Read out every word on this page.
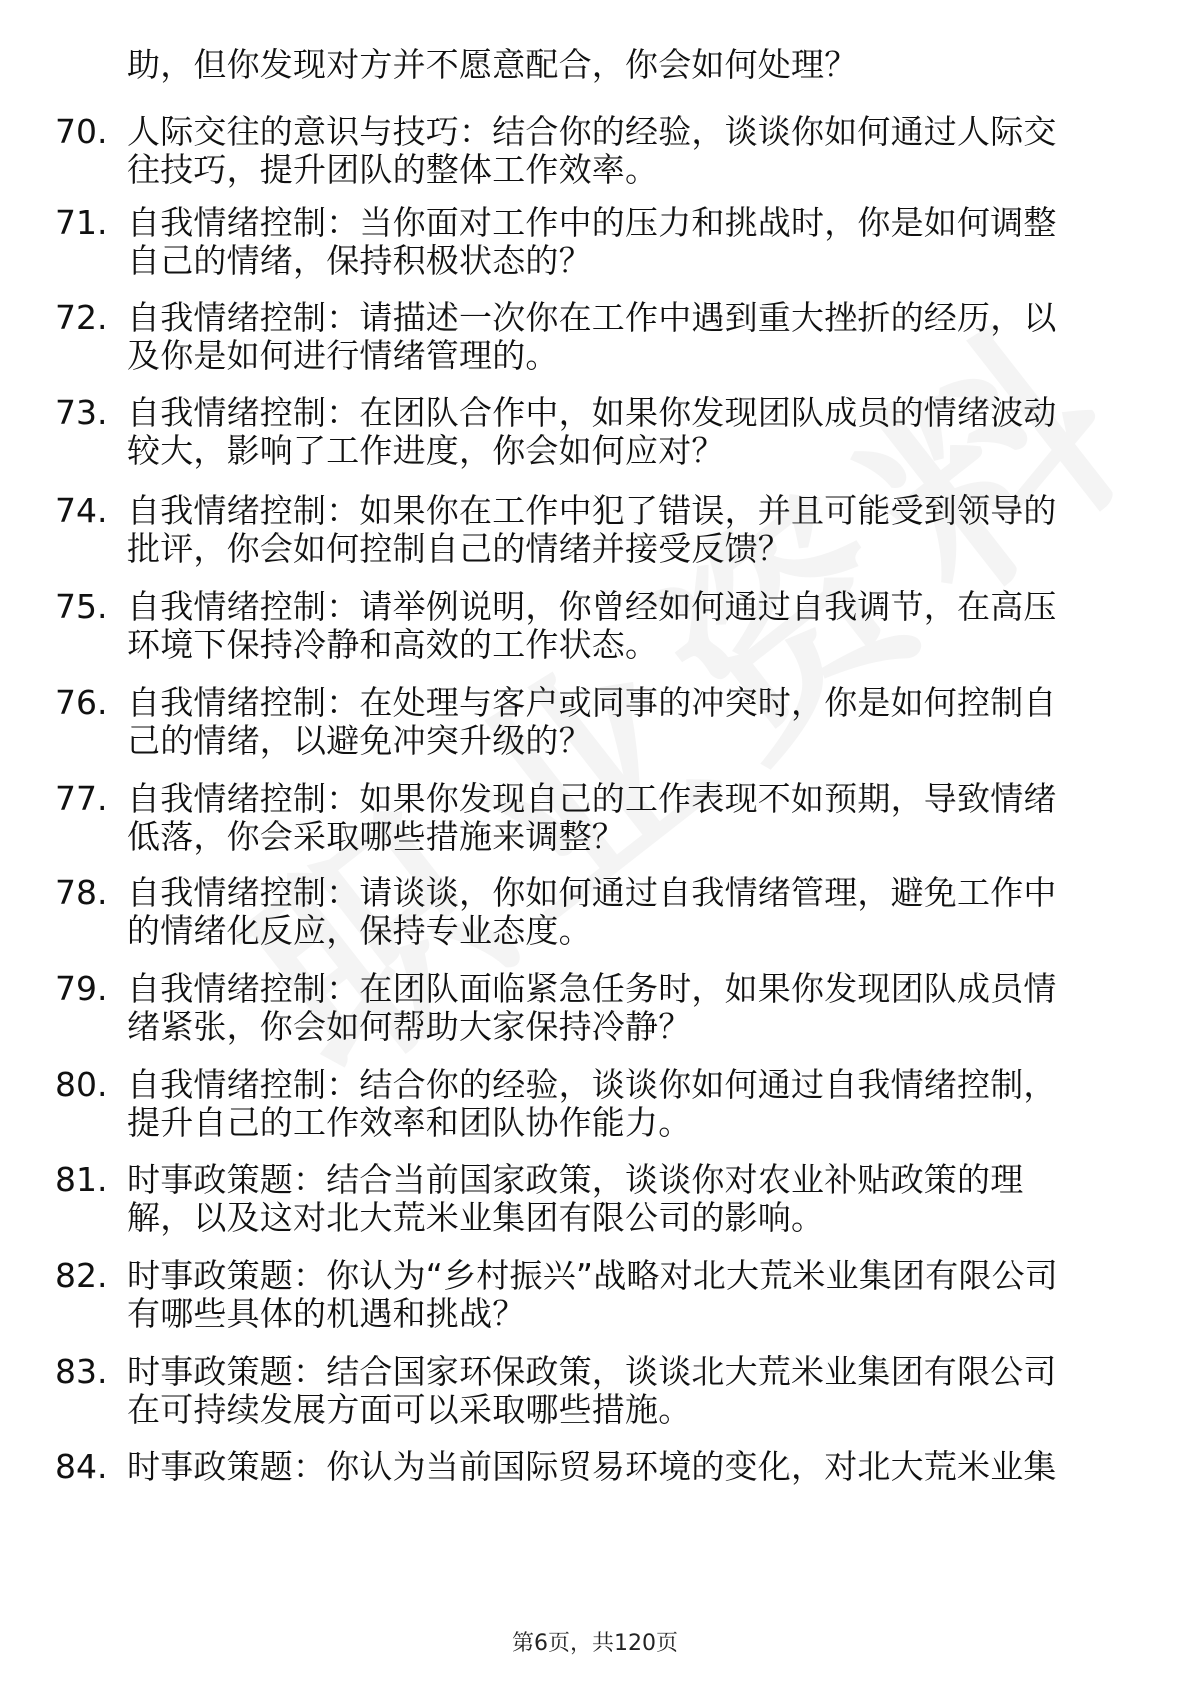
助，但你发现对方并不愿意配合，你会如何处理？
70. 人际交往的意识与技巧：结合你的经验，谈谈你如何通过人际交
往技巧，提升团队的整体工作效率。
71. 自我情绪控制：当你面对工作中的压力和挑战时，你是如何调整
自己的情绪，保持积极状态的？
72. 自我情绪控制：请描述一次你在工作中遇到重大挫折的经历，以
及你是如何进行情绪管理的。
73. 自我情绪控制：在团队合作中，如果你发现团队成员的情绪波动
较大，影响了工作进度，你会如何应对？
74. 自我情绪控制：如果你在工作中犯了错误，并且可能受到领导的
批评，你会如何控制自己的情绪并接受反馈？
75. 自我情绪控制：请举例说明，你曾经如何通过自我调节，在高压
环境下保持冷静和高效的工作状态。
76. 自我情绪控制：在处理与客户或同事的冲突时，你是如何控制自
己的情绪，以避免冲突升级的？
77. 自我情绪控制：如果你发现自己的工作表现不如预期，导致情绪
低落，你会采取哪些措施来调整？
78. 自我情绪控制：请谈谈，你如何通过自我情绪管理，避免工作中
的情绪化反应，保持专业态度。
79. 自我情绪控制：在团队面临紧急任务时，如果你发现团队成员情
绪紧张，你会如何帮助大家保持冷静？
80. 自我情绪控制：结合你的经验，谈谈你如何通过自我情绪控制，
提升自己的工作效率和团队协作能力。
81. 时事政策题：结合当前国家政策，谈谈你对农业补贴政策的理
解，以及这对北大荒米业集团有限公司的影响。
82. 时事政策题：你认为“乡村振兴”战略对北大荒米业集团有限公司
有哪些具体的机遇和挑战？
83. 时事政策题：结合国家环保政策，谈谈北大荒米业集团有限公司
在可持续发展方面可以采取哪些措施。
84. 时事政策题：你认为当前国际贸易环境的变化，对北大荒米业集
第6页，共120页
